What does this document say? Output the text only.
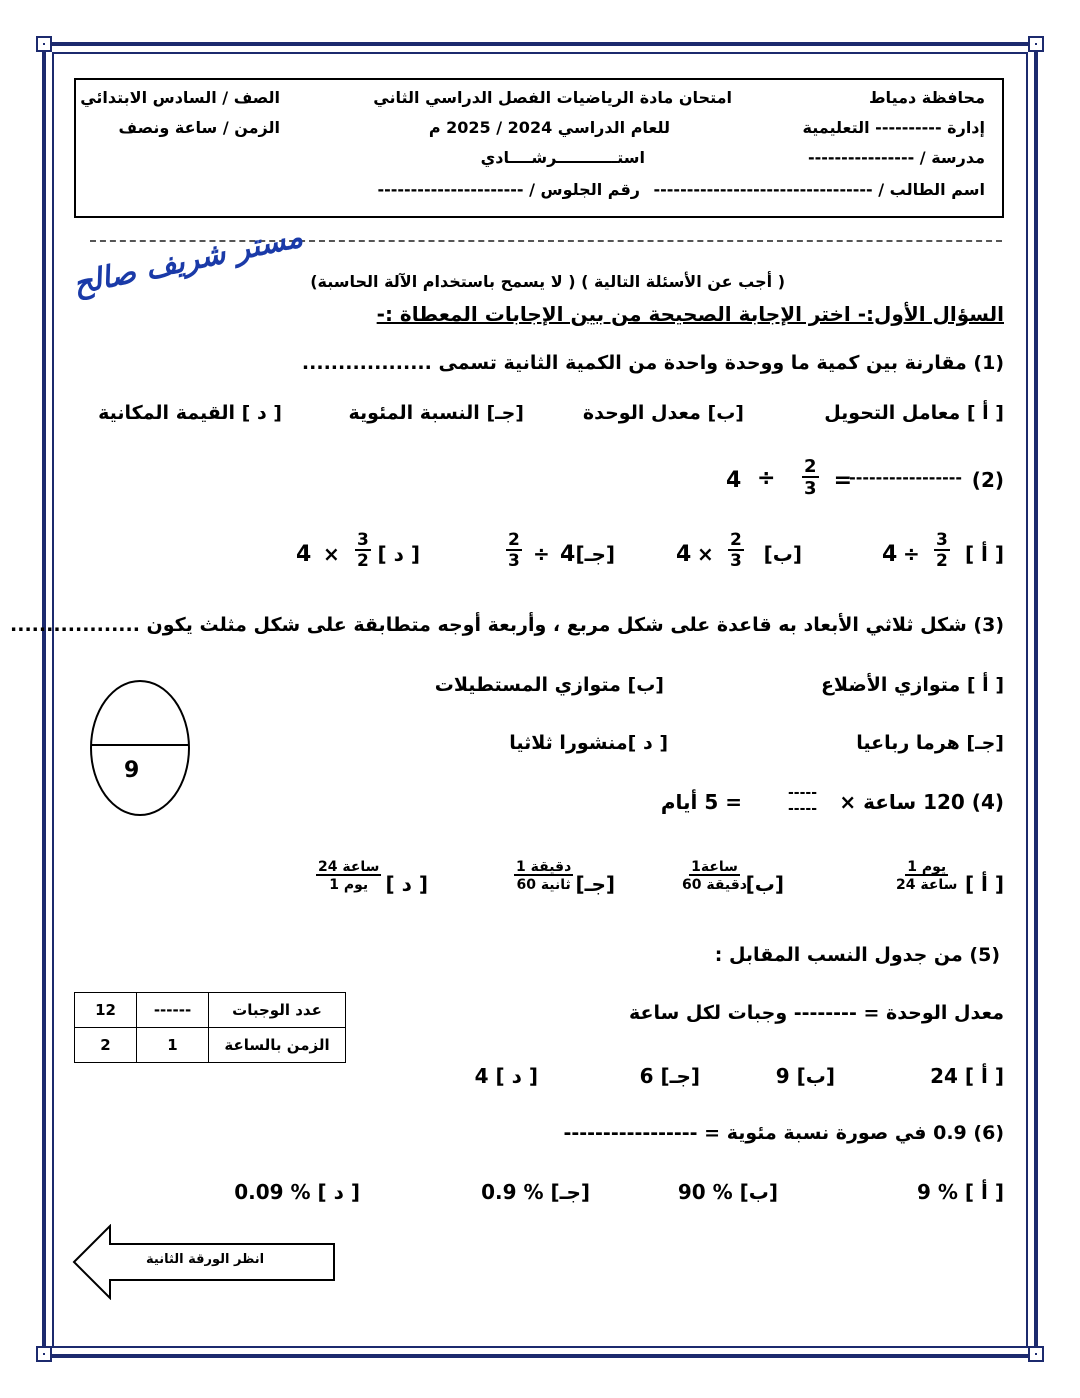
محافظة دمياط
إدارة ---------- التعليمية
مدرسة / ----------------
اسم الطالب / ---------------------------------
امتحان مادة الرياضيات الفصل الدراسي الثاني
للعام الدراسي 2024 / 2025 م
استـــــــــــرشــــادي
رقم الجلوس / ----------------------
الصف / السادس الابتدائي
الزمن / ساعة ونصف
مستر شريف صالح ( أجب عن الأسئلة التالية ) ( لا يسمح باستخدام الآلة الحاسبة)
السؤال الأول:- اختر الإجابة الصحيحة من بين الإجابات المعطاة :-
(1) مقارنة بين كمية ما ووحدة واحدة من الكمية الثانية تسمى ..................
[ أ ] معامل التحويل
[ب] معدل الوحدة
[جـ] النسبة المئوية
[ د ] القيمة المكانية
(2)
-----------------
=
$\frac{2}{3}$
÷
4
[ أ ]
$\frac{3}{2}$
÷
4
[ب]
$\frac{2}{3}$
×
4
[جـ]
4
÷
$\frac{2}{3}$
[ د ]
$\frac{3}{2}$
×
4
(3) شكل ثلاثي الأبعاد به قاعدة على شكل مربع ، وأربعة أوجه متطابقة على شكل مثلث يكون ..................
[ أ ] متوازي الأضلاع
[ب] متوازي المستطيلات
[جـ] هرما رباعيا
[ د ]منشورا ثلاثيا
9
(4) 120 ساعة ×
-----
-----
= 5 أيام
[ أ ]
1 يوم
24 ساعة
[ب]
1ساعة
60 دقيقة
[جـ]
1 دقيقة
60 ثانية
[ د ]
24 ساعة
1 يوم
(5) من جدول النسب المقابل :
معدل الوحدة = -------- وجبات لكل ساعة
[ أ ] 24
[ب] 9
[جـ] 6
[ د ] 4
عدد الوجبات	------	12
الزمن بالساعة	1	2
(6) 0.9 في صورة نسبة مئوية = -----------------
[ أ ] % 9
[ب] % 90
[جـ] % 0.9
[ د ] % 0.09
انظر الورقة الثانية
